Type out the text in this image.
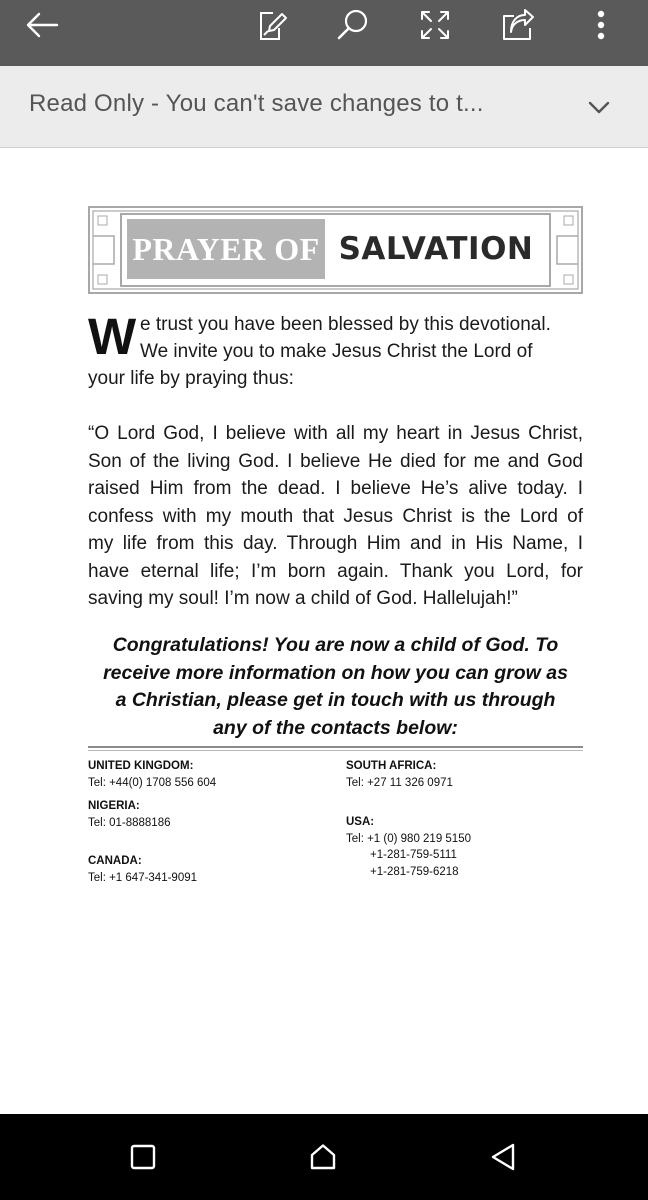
Read Only - You can't save changes to t...
PRAYER OF SALVATION
W e trust you have been blessed by this devotional.
We invite you to make Jesus Christ the Lord of
your life by praying thus:
“O Lord God, I believe with all my heart in Jesus Christ,
Son of the living God. I believe He died for me and God
raised Him from the dead. I believe He’s alive today. I
confess with my mouth that Jesus Christ is the Lord of
my life from this day. Through Him and in His Name, I
have eternal life; I’m born again. Thank you Lord, for
saving my soul! I’m now a child of God. Hallelujah!”
Congratulations! You are now a child of God. To
receive more information on how you can grow as
a Christian, please get in touch with us through
any of the contacts below:
UNITED KINGDOM:
Tel: +44(0) 1708 556 604
NIGERIA:
Tel: 01-8888186
CANADA:
Tel: +1 647-341-9091
SOUTH AFRICA:
Tel: +27 11 326 0971
USA:
Tel: +1 (0) 980 219 5150
+1-281-759-5111
+1-281-759-6218
